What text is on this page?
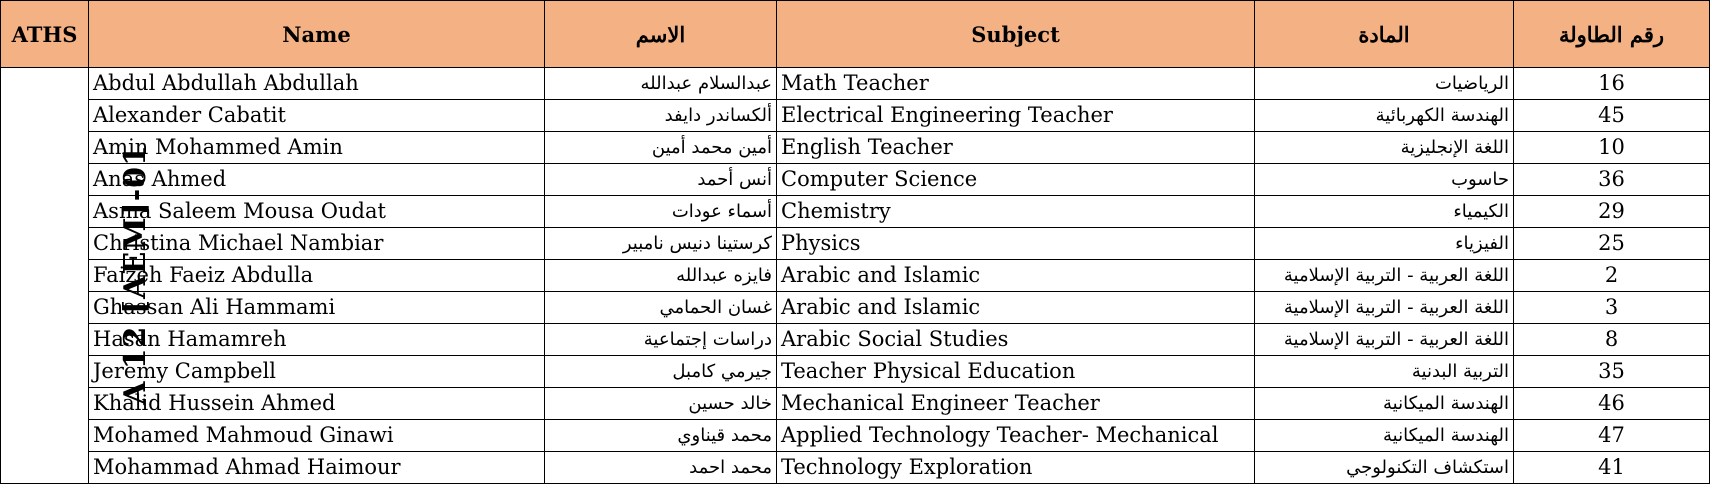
ATHS	Name	الاسم	Subject	المادة	رقم الطاولة
A 12 [AEM]-01	Abdul Abdullah Abdullah	عبدالسلام عبدالله	Math Teacher	الرياضيات	16
	Alexander Cabatit	ألكساندر دايفد	Electrical Engineering Teacher	الهندسة الكهربائية	45
	Amin Mohammed Amin	أمين محمد أمين	English Teacher	اللغة الإنجليزية	10
	Anas Ahmed	أنس أحمد	Computer Science	حاسوب	36
	Asma Saleem Mousa Oudat	أسماء عودات	Chemistry	الكيمياء	29
	Christina Michael Nambiar	كرستينا دنيس نامبير	Physics	الفيزياء	25
	Faizeh Faeiz Abdulla	فايزه عبدالله	Arabic and Islamic	اللغة العربية - التربية الإسلامية	2
	Ghassan Ali Hammami	غسان الحمامي	Arabic and Islamic	اللغة العربية - التربية الإسلامية	3
	Hasan Hamamreh	دراسات إجتماعية	Arabic Social Studies	اللغة العربية - التربية الإسلامية	8
	Jeremy Campbell	جيرمي كامبل	Teacher Physical Education	التربية البدنية	35
	Khalid Hussein Ahmed	خالد حسين	Mechanical Engineer Teacher	الهندسة الميكانية	46
	Mohamed Mahmoud Ginawi	محمد قيناوي	Applied Technology Teacher- Mechanical	الهندسة الميكانية	47
	Mohammad Ahmad Haimour	محمد احمد	Technology Exploration	استكشاف التكنولوجي	41
